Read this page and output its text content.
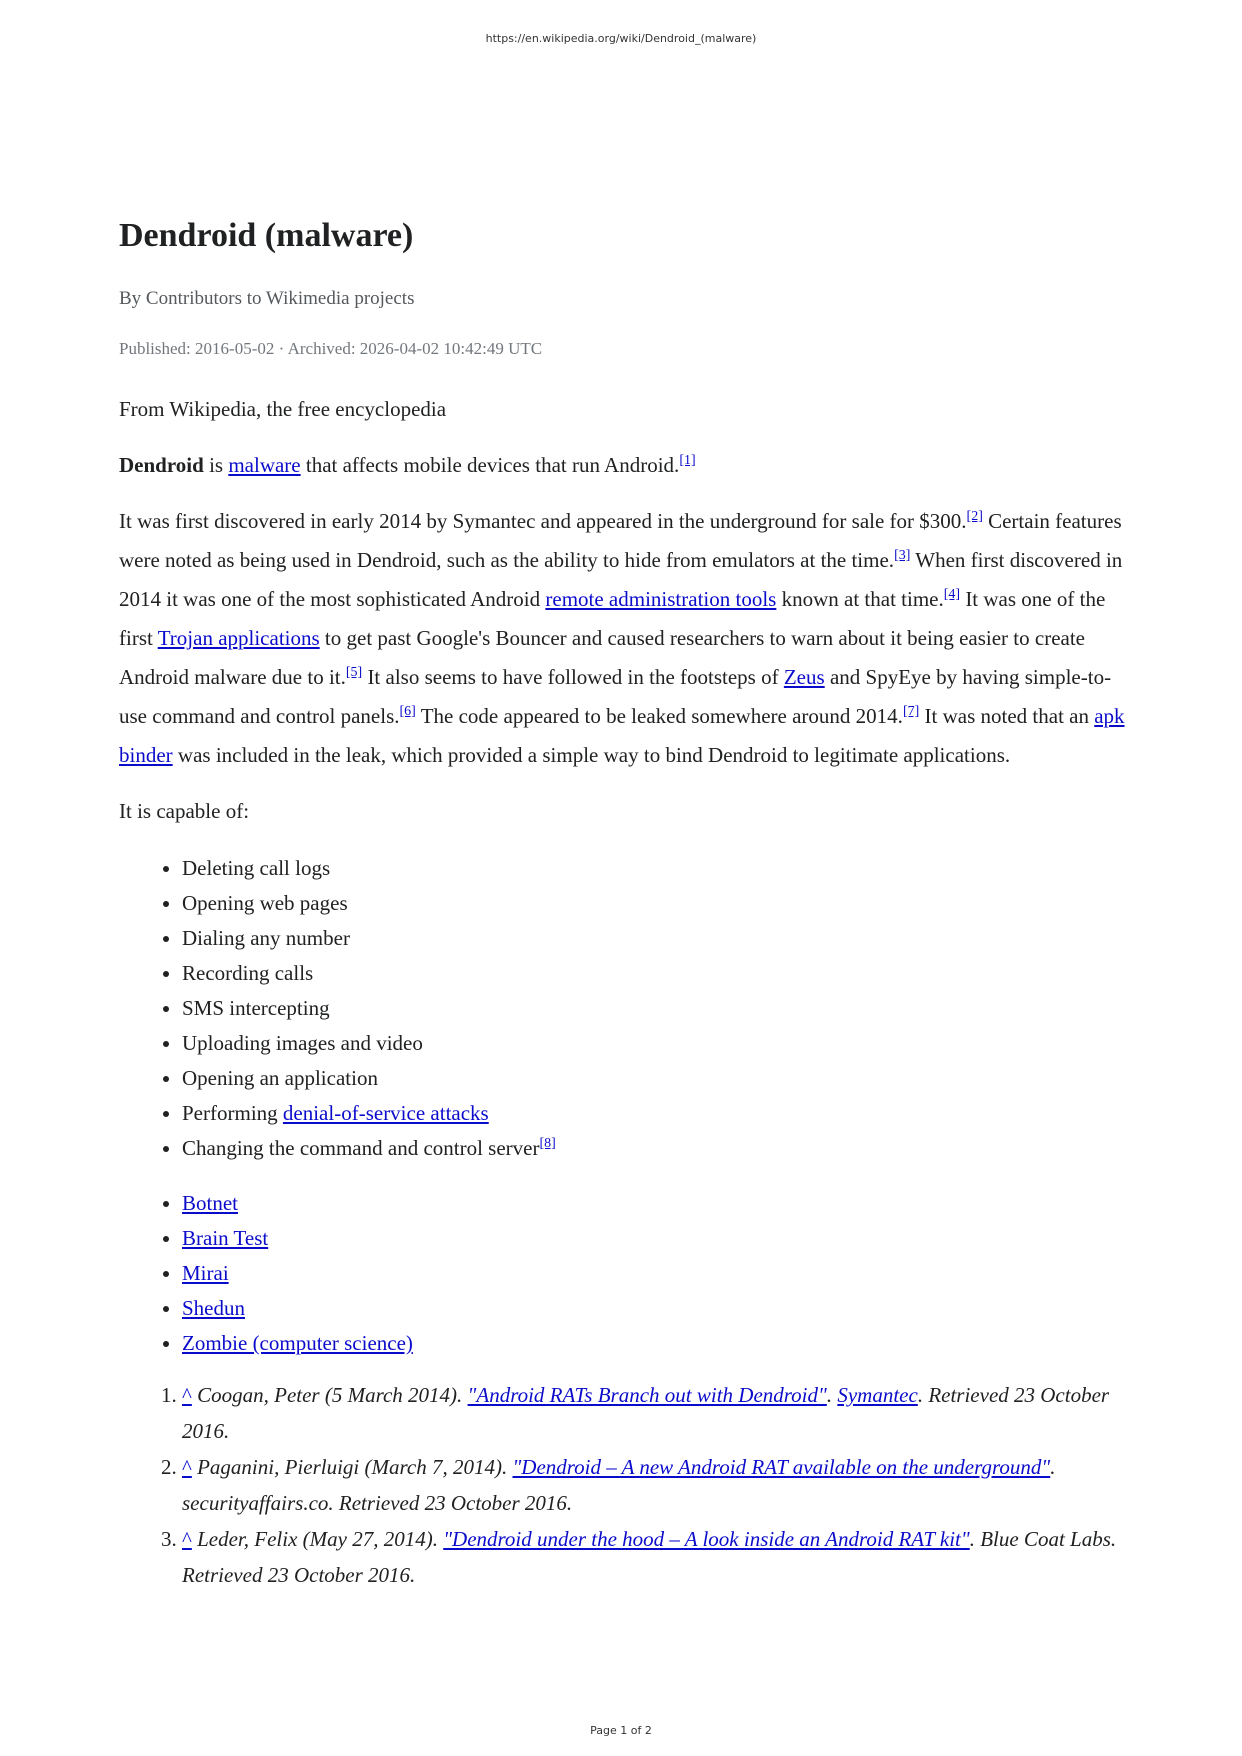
https://en.wikipedia.org/wiki/Dendroid_(malware)
Dendroid (malware)
By Contributors to Wikimedia projects
Published: 2016-05-02 · Archived: 2026-04-02 10:42:49 UTC

From Wikipedia, the free encyclopedia

Dendroid is malware that affects mobile devices that run Android.[1]

It was first discovered in early 2014 by Symantec and appeared in the underground for sale for $300.[2] Certain features were noted as being used in Dendroid, such as the ability to hide from emulators at the time.[3] When first discovered in 2014 it was one of the most sophisticated Android remote administration tools known at that time.[4] It was one of the first Trojan applications to get past Google's Bouncer and caused researchers to warn about it being easier to create Android malware due to it.[5] It also seems to have followed in the footsteps of Zeus and SpyEye by having simple-to-use command and control panels.[6] The code appeared to be leaked somewhere around 2014.[7] It was noted that an apk binder was included in the leak, which provided a simple way to bind Dendroid to legitimate applications.

It is capable of:

• Deleting call logs
• Opening web pages
• Dialing any number
• Recording calls
• SMS intercepting
• Uploading images and video
• Opening an application
• Performing denial-of-service attacks
• Changing the command and control server[8]
• Botnet
• Brain Test
• Mirai
• Shedun
• Zombie (computer science)
1. ^ Coogan, Peter (5 March 2014). "Android RATs Branch out with Dendroid". Symantec. Retrieved 23 October 2016.
2. ^ Paganini, Pierluigi (March 7, 2014). "Dendroid – A new Android RAT available on the underground". securityaffairs.co. Retrieved 23 October 2016.
3. ^ Leder, Felix (May 27, 2014). "Dendroid under the hood – A look inside an Android RAT kit". Blue Coat Labs. Retrieved 23 October 2016.
Page 1 of 2
